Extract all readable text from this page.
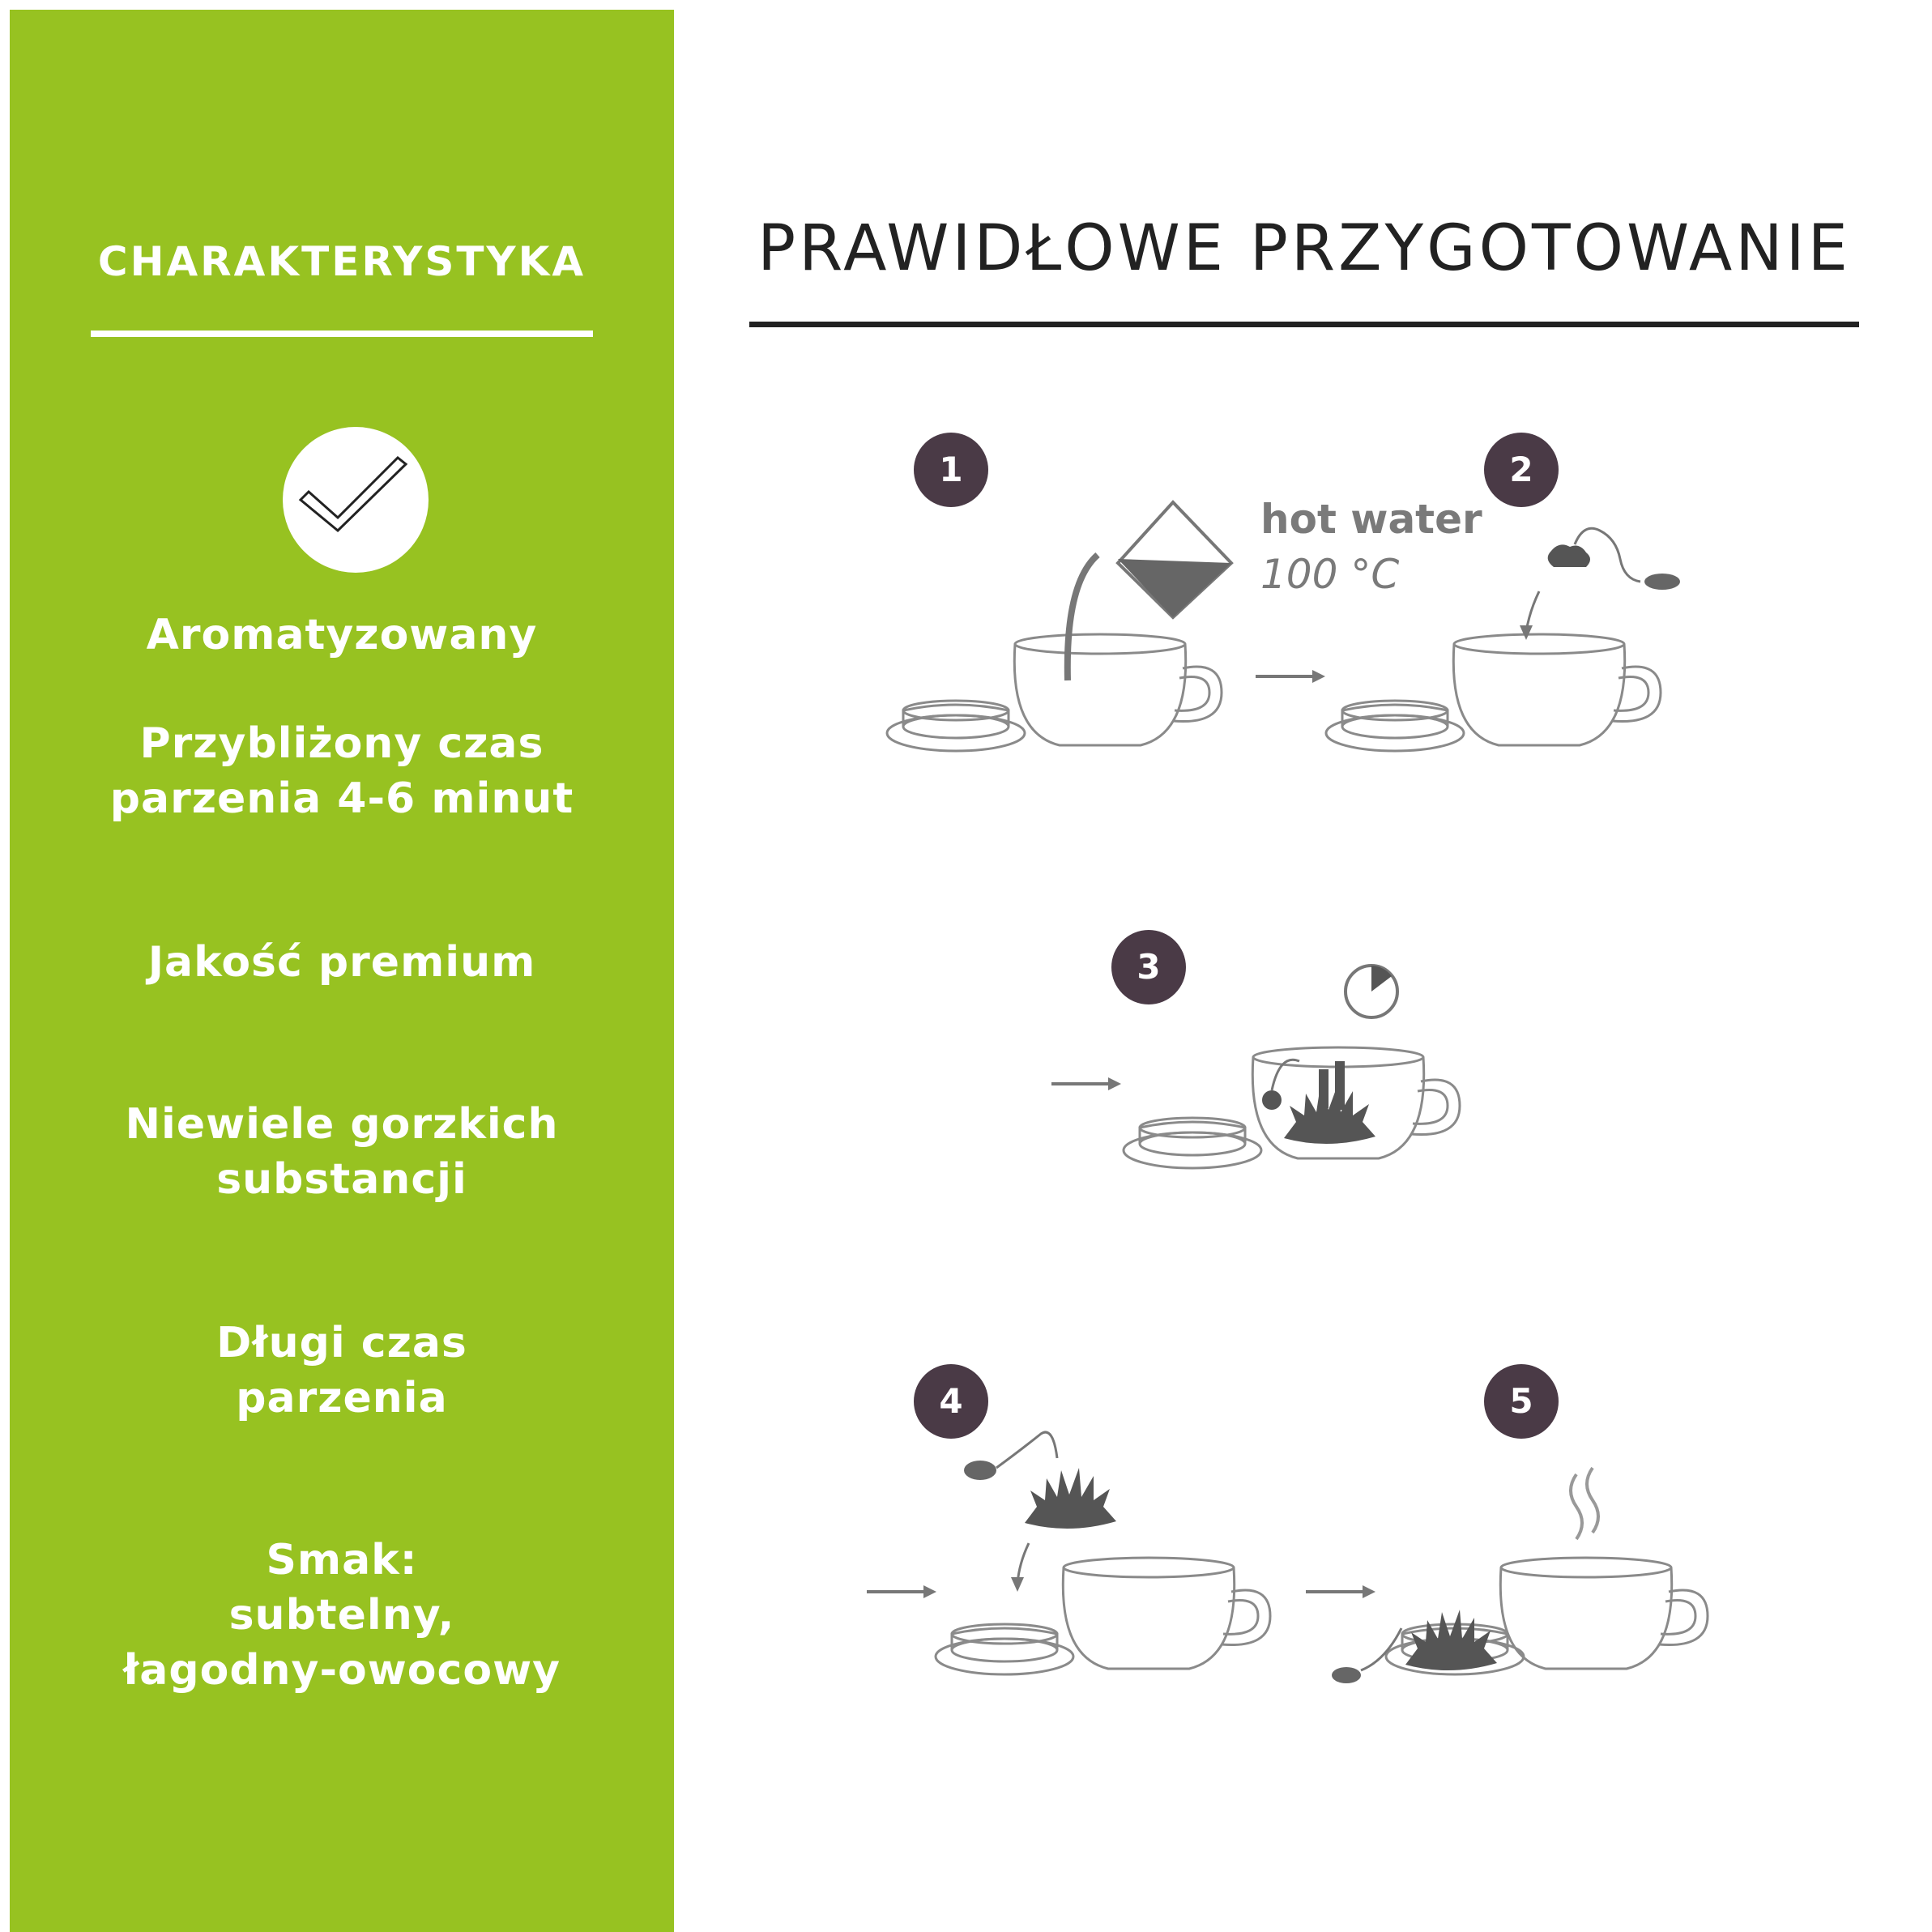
CHARAKTERYSTYKA
Aromatyzowany
Przybliżony czas
parzenia 4-6 minut
Jakość premium
Niewiele gorzkich
substancji
Długi czas
parzenia
Smak:
subtelny,
łagodny-owocowy
PRAWIDŁOWE PRZYGOTOWANIE
1	2
3
4	5
hot water
100 °C
